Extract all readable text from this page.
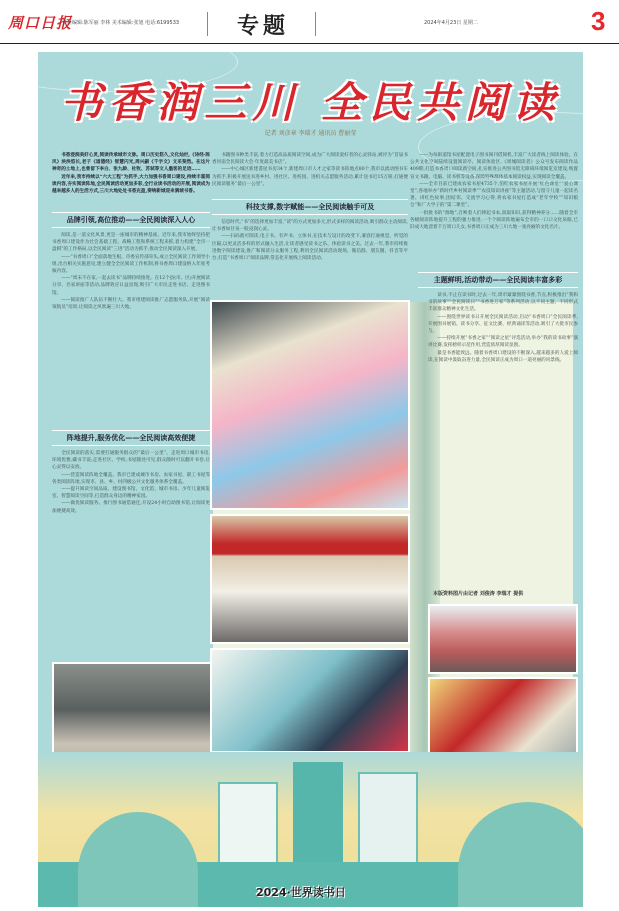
周口日报
责任编辑:陈军丽 李林 美术编辑:张旭 电话:6199533	专题	2024年4月23日 星期二	3
书香润三川 全民共阅读
记者 刘彦章 李瑞才 通讯员 曹丽莹

书香浸润美好心灵,阅读传承城市文脉。周口历史悠久,文化灿烂,《诗经·陈风》泱泱悠长,老子《道德经》智慧闪光,周兴嗣《千字文》文采斐然。在这片神奇的土地上,也曾留下李白、张九龄、杜牧、苏轼等文人墨客的足迹……

近年来,我市持续以“六大工程”为抓手,大力加强书香周口建设,持续丰富阅读内容,夯实阅读阵地,全民阅读活动更加多彩,全行业读书活动的开展,阅读成为越来越多人的生活方式,三川大地处处书香充盈,奏响新城迎来满城书香。

品牌引领,高位推动——全民阅读深入人心

阅读,是一道文化风景,更是一座城市的精神基座。近年来,我市始终坚持把书香周口建设作为社会基础工程、战略工程和系统工程来抓,着力构建“全市一盘棋”的工作格局,以全民阅读“三进”活动为抓手,推动全民阅读深入开展。

——“书香周口”全面落地生根。市委宣传部牵头,成立全民阅读工作领导小组,出台相关实施意见,建立健全全民阅读工作机制,将书香周口建设纳入年度考核内容。

——“周末不在家,一起去读书”品牌持续推进。在12个县(市、区)开展阅读分享、名家讲座等活动,品牌效应日益显现,吸引广大市民走进书店、走进图书馆。

——阅读推广人队伍不断壮大。我市组建阅读推广志愿服务队,开展“阅读领航员”培训,让阅读之风吹遍三川大地。

阵地提升,服务优化——全民阅读高效便捷

全民阅读的落实,需要打通服务群众的“最后一公里”。走进周口城市书房,环境优雅,藏书丰富;走进社区、学校,书屋随处可见,群众随时可以翻开书卷,让心灵得以安放。

——营造阅读阵地全覆盖。我市已建成城市书房、农家书屋、职工书屋等各类阅读阵地,实现市、县、乡、村四级公共文化服务体系全覆盖。

——提升阅读空间品质。建设图书馆、文化馆、城市书房、少年儿童阅览室、智慧阅读空间等,打造群众身边的精神家园。

——做优阅读服务。推行图书通借通还,开设24小时自助图书馆,让阅读更加便捷高效。

书籍图书种类丰富,着力打造高品质阅读空间,成为广大阅读爱好者的心灵驿站,被评为“首届书香河南全民阅读大会·年度最美书店”。

——中心城区新建書屋书房34个,新建周口市人才之家等读书阵地点80个,我市以流动图书车为抓手,积极开展送书进乡村、进社区、进校园、进机关志愿服务活动,累计送书近15万册,打通便民阅读服务“最后一公里”。

科技支撑,数字赋能——全民阅读触手可及

信息时代,“书”的选择更加丰富,“读”的方式更加多元,形式多样的阅读活动,吸引群众主动阅读,让书香如甘泉一般浸润心灵。

——扫码就可阅读,电子书、有声书、立体书,在技术与设计的改变下,兼容打通视觉、听觉的区隔,以更灵活多样的形式融入生活,让读者感受读书之乐、体验读书之美。过去一年,我市持续推进数字阅读建设,推广和阅读分众服务工程,利用全民阅读活动现场、微信群、朋友圈、抖音等平台,打造“书香周口”阅读品牌,常态化开展线上阅读活动。

——为每街道馆书屋配置电子图书阅刊借阅机,丰富广大读者线上阅读体验。在公共文化空间陆续设置阅读亭、阅读体验区,《周城阅读者》公众号发布阅读作品409期,打造书香周口阅读新空间,扎实推进公共图书馆无障碍环境阅览室建设,购置盲文书籍、电脑、读书机等设备,保障特殊群体基本阅读权益,实现阅读全覆盖。

——全市目前已建成农家书屋4735个,伯红农家书屋开展“红色课堂”“爱心课堂”,各地举办“新时代乡村阅读季”“农技知识讲座”等主题活动,与留守儿童一起读名著、讲红色故事,团结邻、交流学习心得,将农家书屋打造成“老年学校”“知识粮仓”和广大学子的“第二课堂”。

一批批书的“源地”,召唤着人们捧起书本,汲取知识,获得精神养分……随着全市各级阅读阵地提升工程的强力推进,一个个阅读阵地遍布全市的一口口文化泉眼,已旧成大地浇着千万周口儿女,书香周口正成为三川大地一张亮丽的文化名片。

主题鲜明,活动带动——全民阅读丰富多彩

读书,不止在读书时,过去一年,周市紧紧围绕书香,节点,积极推出“我和书的故事”“全民阅读日”“书香进万家”等系列活动,以不同主题、不同形式丰富群众精神文化生活。

——围绕世界读书日开展全民阅读活动,启动“书香周口”全民阅读季,开展图书展销、读书分享、征文比赛、经典诵读等活动,吸引了大批市民参与。

——持续开展“书香之家”“阅读之星”评选活动,举办“我的读书故事”演讲比赛,发挥榜样示范作用,营造浓厚阅读氛围。

最是书香能致远。随着书香周口建设的不断深入,越来越多的人爱上阅读,在阅读中汲取奋进力量,全民阅读正成为周口一道亮丽的风景线。

本版资料图片由记者 刘俊涛 李瑞才 提供
2024·世界读书日
